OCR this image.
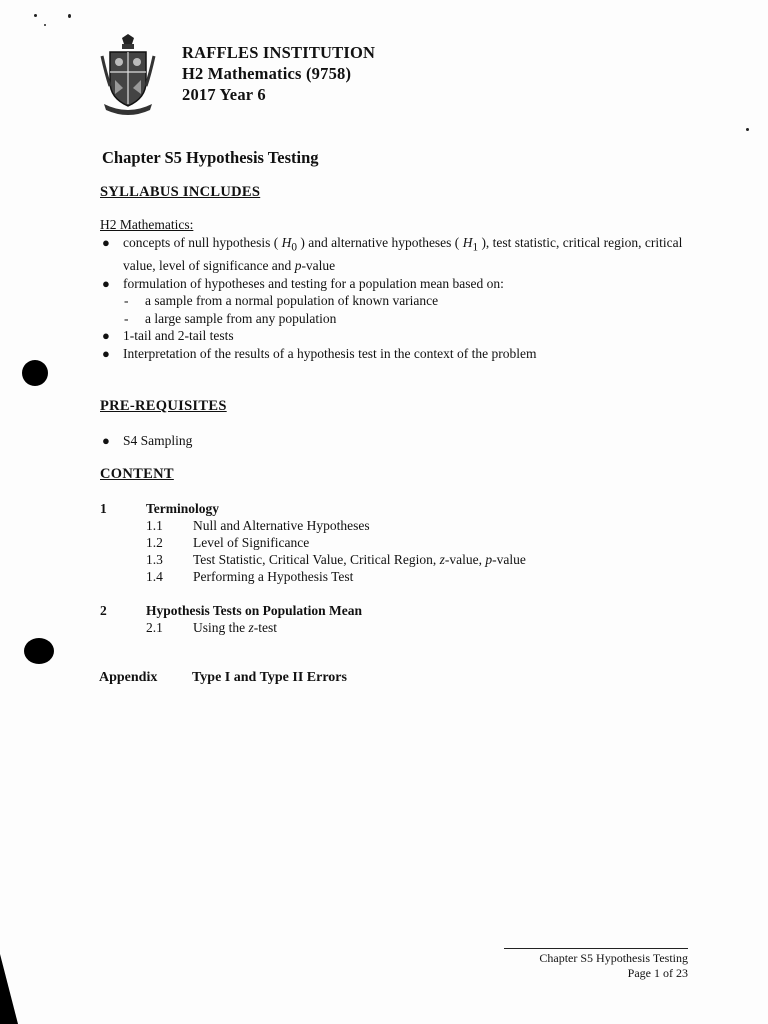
RAFFLES INSTITUTION
H2 Mathematics (9758)
2017 Year 6
Chapter S5 Hypothesis Testing
SYLLABUS INCLUDES
H2 Mathematics:
● concepts of null hypothesis ( $H_0$ ) and alternative hypotheses ( $H_1$ ), test statistic, critical region, critical value, level of significance and p-value
● formulation of hypotheses and testing for a population mean based on:
- a sample from a normal population of known variance
- a large sample from any population
● 1-tail and 2-tail tests
● Interpretation of the results of a hypothesis test in the context of the problem
PRE-REQUISITES
● S4 Sampling
CONTENT
1	Terminology
1.1 Null and Alternative Hypotheses
1.2 Level of Significance
1.3 Test Statistic, Critical Value, Critical Region, z-value, p-value
1.4 Performing a Hypothesis Test
2	Hypothesis Tests on Population Mean
2.1 Using the z-test
Appendix Type I and Type II Errors
Chapter S5 Hypothesis Testing
Page 1 of 23
